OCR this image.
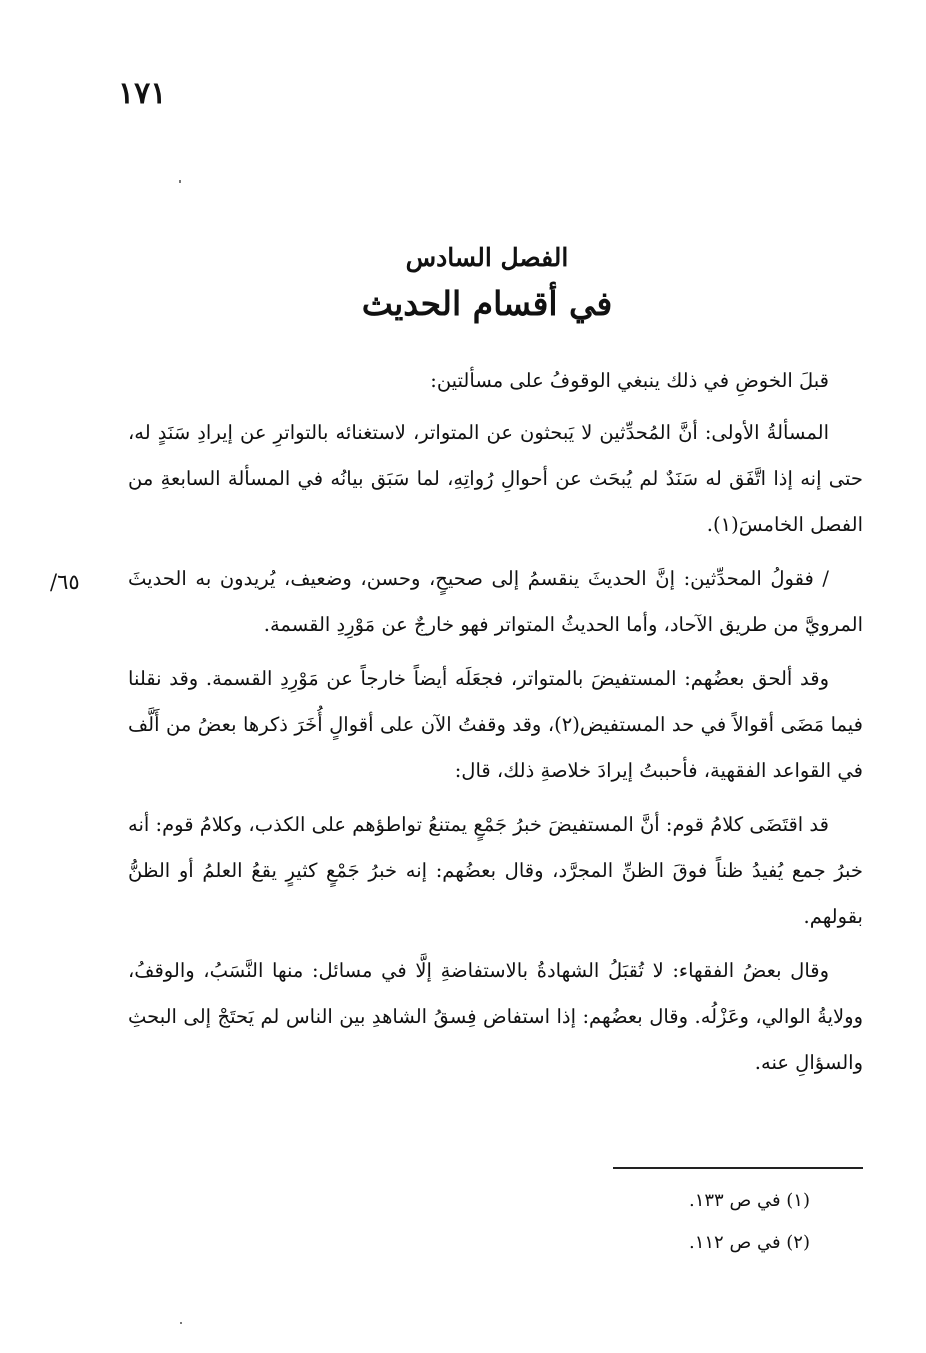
١٧١
٦٥/
الفصل السادس
في أقسام الحديث

قبلَ الخوضِ في ذلك ينبغي الوقوفُ على مسألتين:

المسألةُ الأولى: أنَّ المُحدِّثين لا يَبحثون عن المتواتر، لاستغنائه بالتواترِ عن إيرادِ سَنَدٍ له، حتى إنه إذا اتَّفَق له سَنَدٌ لم يُبحَث عن أحوالِ رُواتِهِ، لما سَبَق بيانُه في المسألة السابعةِ من الفصل الخامسَ(١).

/ فقولُ المحدِّثين: إنَّ الحديثَ ينقسمُ إلى صحيحٍ، وحسن، وضعيف، يُريدون به الحديثَ المرويَّ من طريق الآحاد، وأما الحديثُ المتواتر فهو خارجٌ عن مَوْرِدِ القسمة.

وقد ألحق بعضُهم: المستفيضَ بالمتواتر، فجعَلَه أيضاً خارجاً عن مَوْرِدِ القسمة. وقد نقلنا فيما مَضَى أقوالاً في حد المستفيض(٢)، وقد وقفتُ الآن على أقوالٍ أُخَرَ ذكرها بعضُ من أَلَّف في القواعد الفقهية، فأحببتُ إيرادَ خلاصةِ ذلك، قال:

قد اقتَضَى كلامُ قوم: أنَّ المستفيضَ خبرُ جَمْعٍ يمتنعُ تواطؤهم على الكذب، وكلامُ قوم: أنه خبرُ جمع يُفيدُ ظناً فوقَ الظنِّ المجرَّد، وقال بعضُهم: إنه خبرُ جَمْعٍ كثيرٍ يقعُ العلمُ أو الظنُّ بقولهم.

وقال بعضُ الفقهاء: لا تُقبَلُ الشهادةُ بالاستفاضةِ إلَّا في مسائل: منها النَّسَبُ، والوقفُ، وولايةُ الوالي، وعَزْلُه. وقال بعضُهم: إذا استفاض فِسقُ الشاهدِ بين الناس لم يَحتَجْ إلى البحثِ والسؤالِ عنه.

(١) في ص ١٣٣.

(٢) في ص ١١٢.
